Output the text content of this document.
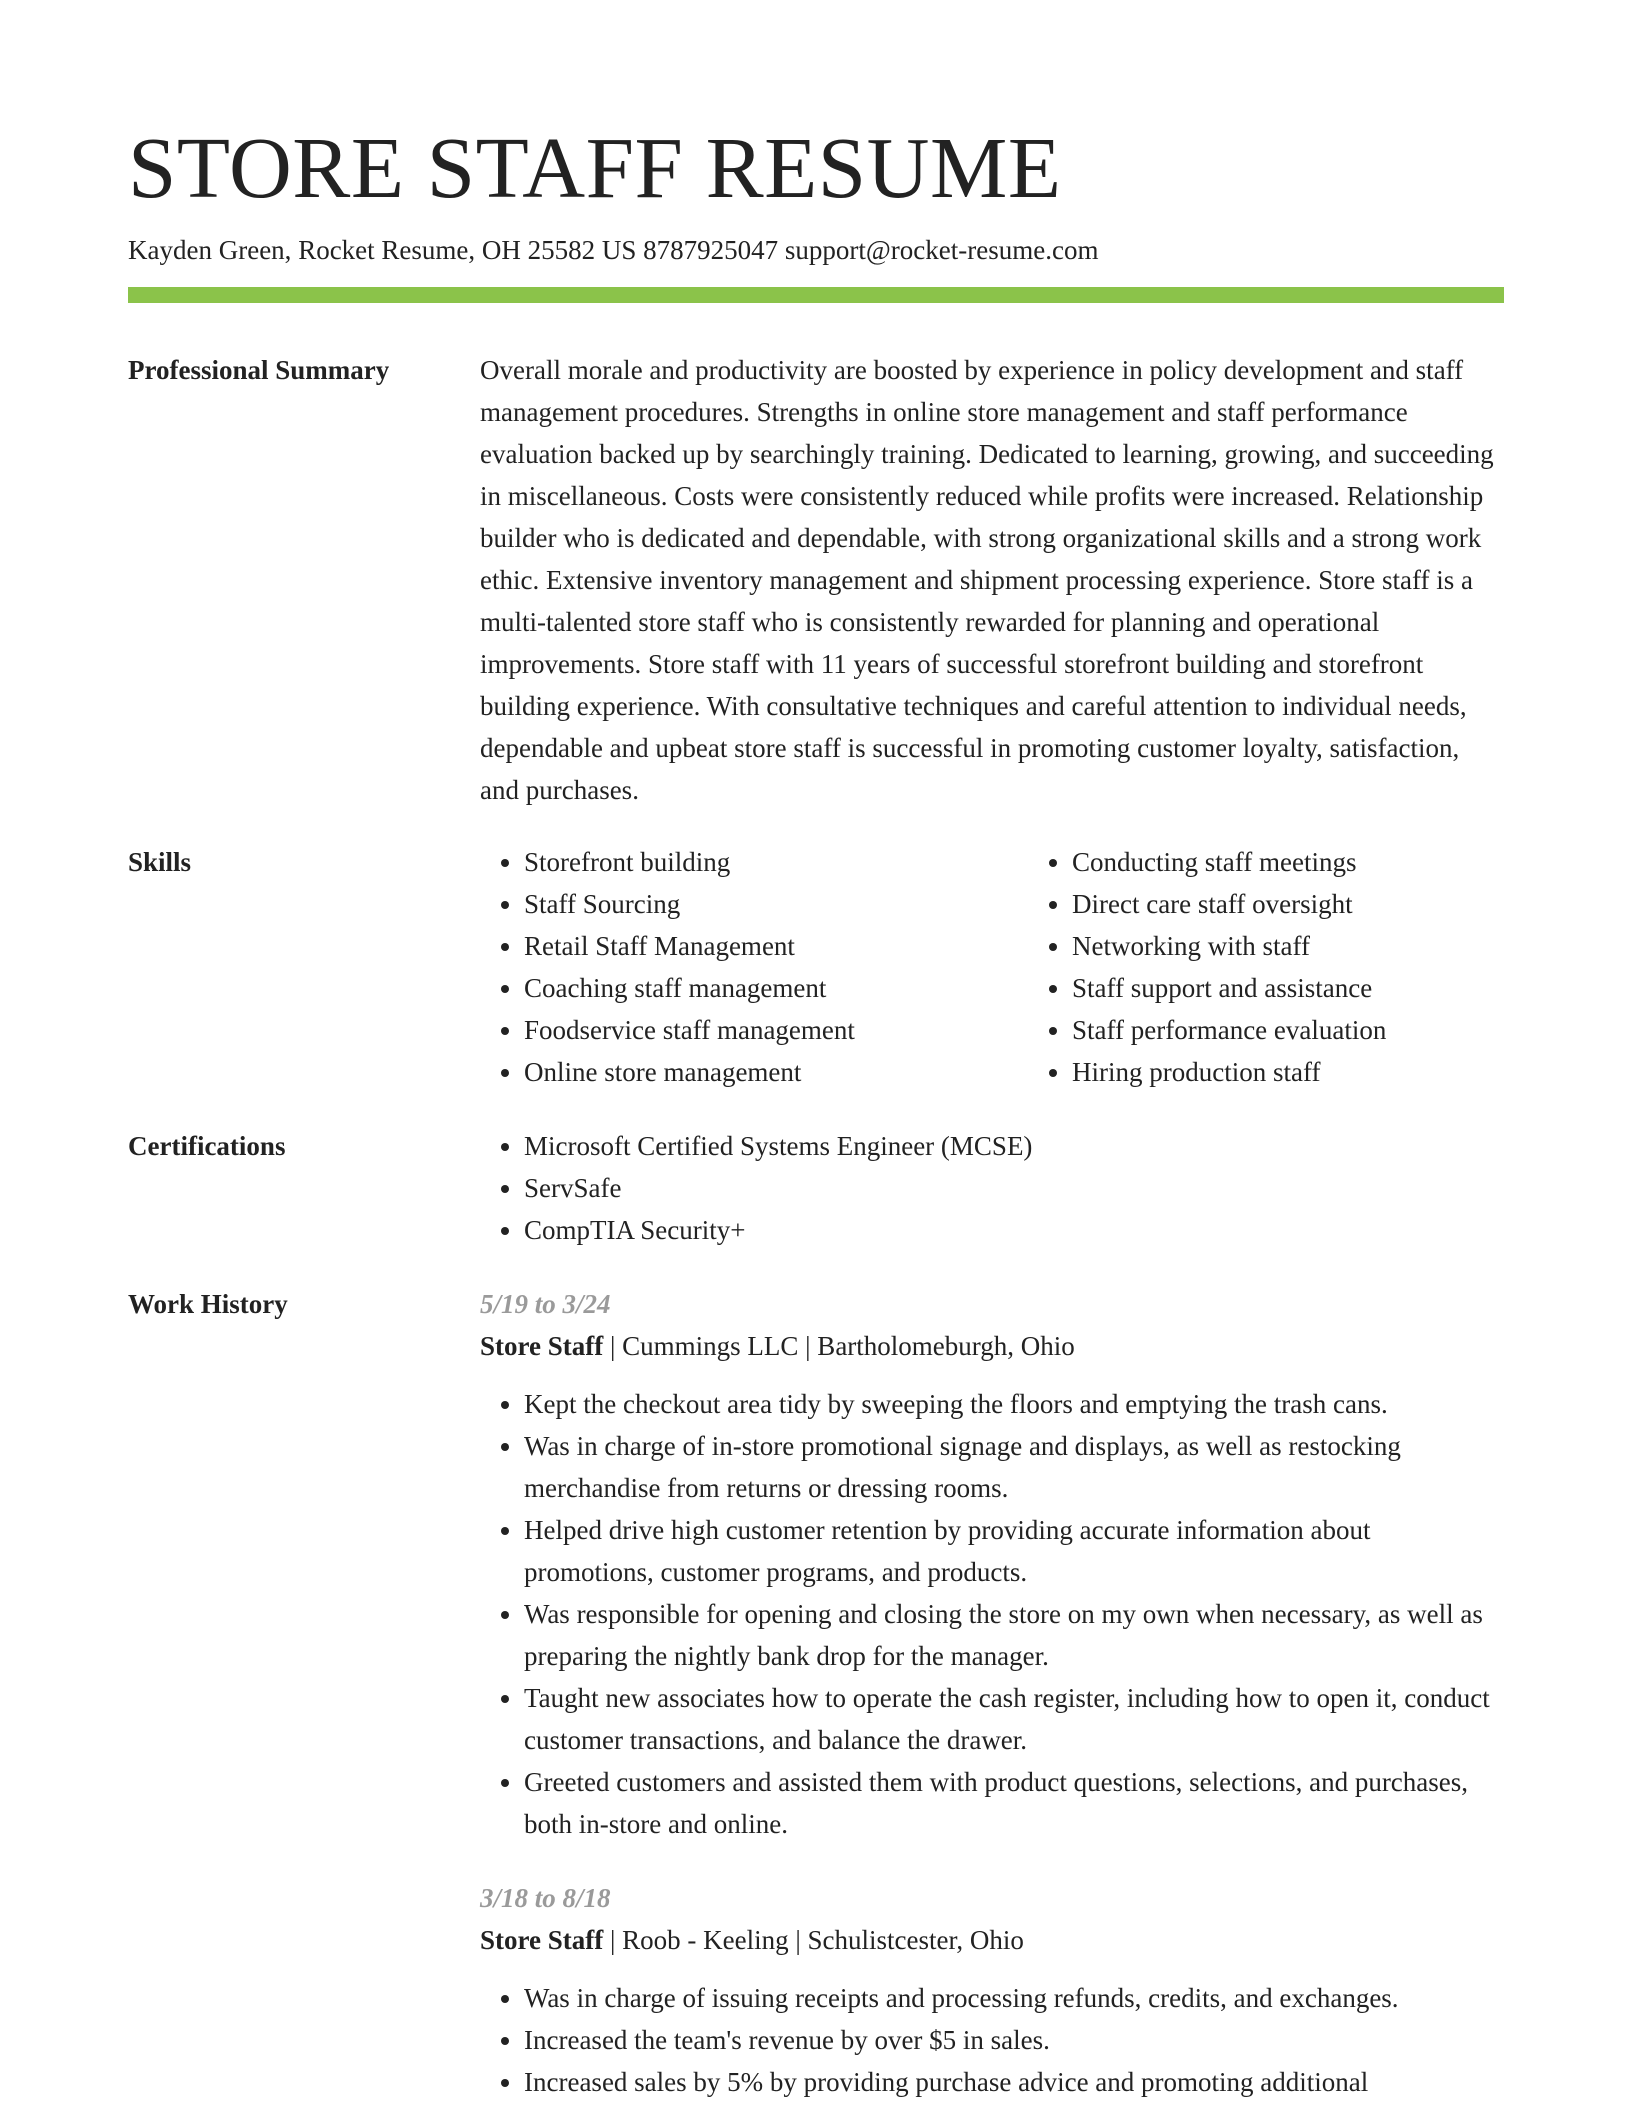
STORE STAFF RESUME
Kayden Green, Rocket Resume, OH 25582 US 8787925047 support@rocket-resume.com
Professional Summary	Overall morale and productivity are boosted by experience in policy development and staff management procedures. Strengths in online store management and staff performance evaluation backed up by searchingly training. Dedicated to learning, growing, and succeeding in miscellaneous. Costs were consistently reduced while profits were increased. Relationship builder who is dedicated and dependable, with strong organizational skills and a strong work ethic. Extensive inventory management and shipment processing experience. Store staff is a multi-talented store staff who is consistently rewarded for planning and operational improvements. Store staff with 11 years of successful storefront building and storefront building experience. With consultative techniques and careful attention to individual needs, dependable and upbeat store staff is successful in promoting customer loyalty, satisfaction, and purchases.

Skills	• Storefront building
• Staff Sourcing
• Retail Staff Management
• Coaching staff management
• Foodservice staff management
• Online store management
• Conducting staff meetings
• Direct care staff oversight
• Networking with staff
• Staff support and assistance
• Staff performance evaluation
• Hiring production staff
Certifications	• Microsoft Certified Systems Engineer (MCSE)
• ServSafe
• CompTIA Security+
Work History	5/19 to 3/24
Store Staff | Cummings LLC | Bartholomeburgh, Ohio
• Kept the checkout area tidy by sweeping the floors and emptying the trash cans.
• Was in charge of in-store promotional signage and displays, as well as restocking merchandise from returns or dressing rooms.
• Helped drive high customer retention by providing accurate information about promotions, customer programs, and products.
• Was responsible for opening and closing the store on my own when necessary, as well as preparing the nightly bank drop for the manager.
• Taught new associates how to operate the cash register, including how to open it, conduct customer transactions, and balance the drawer.
• Greeted customers and assisted them with product questions, selections, and purchases, both in-store and online.
3/18 to 8/18
Store Staff | Roob - Keeling | Schulistcester, Ohio
• Was in charge of issuing receipts and processing refunds, credits, and exchanges.
• Increased the team's revenue by over $5 in sales.
• Increased sales by 5% by providing purchase advice and promoting additional
